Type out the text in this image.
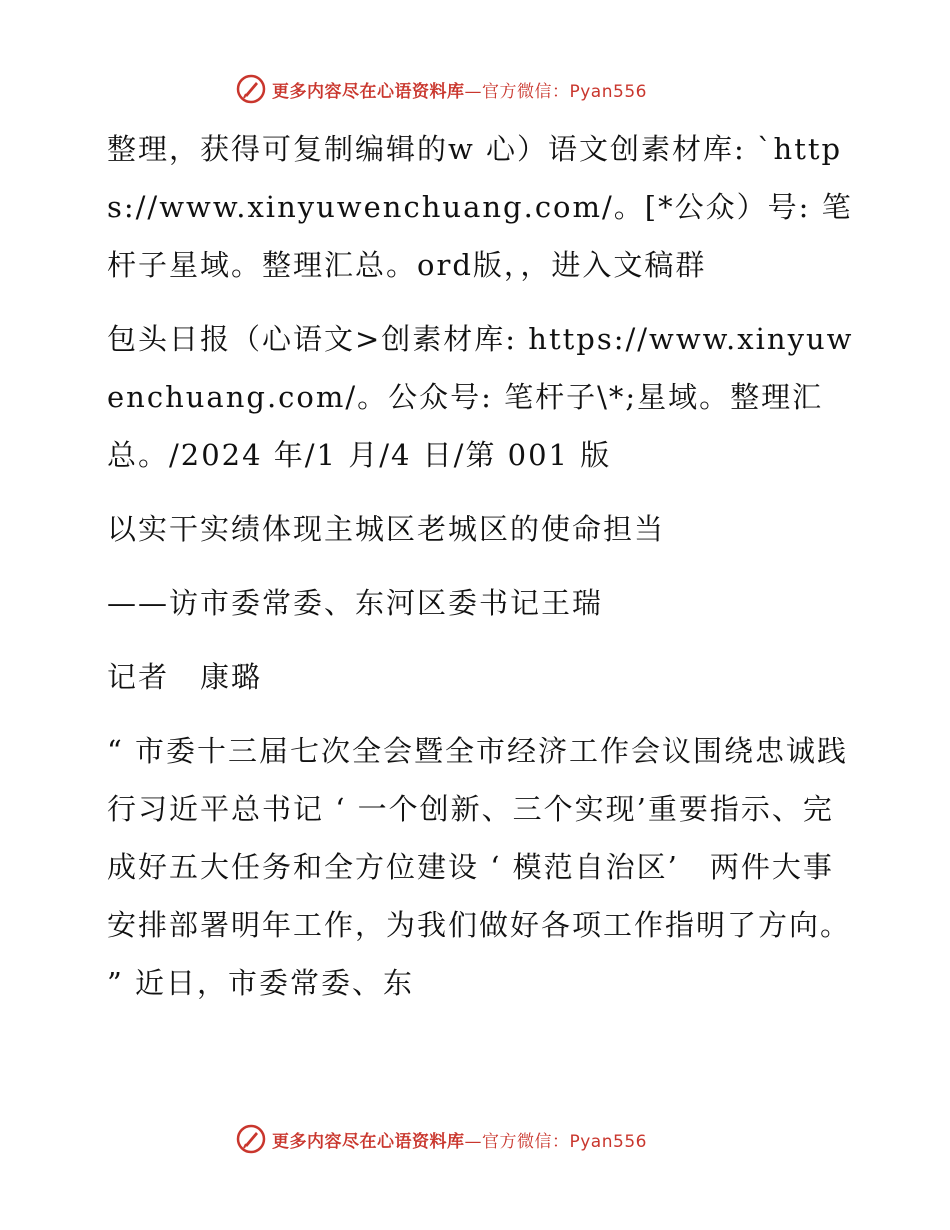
更多内容尽在心语资料库—官方微信：Pyan556

整理，获得可复制编辑的w 心）语文创素材库: `https://www.xinyuwenchuang.com/。[*公众）号: 笔杆子星域。整理汇总。ord版，，进入文稿群

包头日报（心语文>创素材库: https://www.xinyuwenchuang.com/。公众号: 笔杆子\*;星域。整理汇总。/2024 年/1 月/4 日/第 001 版

以实干实绩体现主城区老城区的使命担当

——访市委常委、东河区委书记王瑞

记者　康璐

“ 市委十三届七次全会暨全市经济工作会议围绕忠诚践行习近平总书记 ‘ 一个创新、三个实现’重要指示、完成好五大任务和全方位建设 ‘ 模范自治区’　两件大事安排部署明年工作，为我们做好各项工作指明了方向。 ” 近日，市委常委、东

更多内容尽在心语资料库—官方微信：Pyan556
